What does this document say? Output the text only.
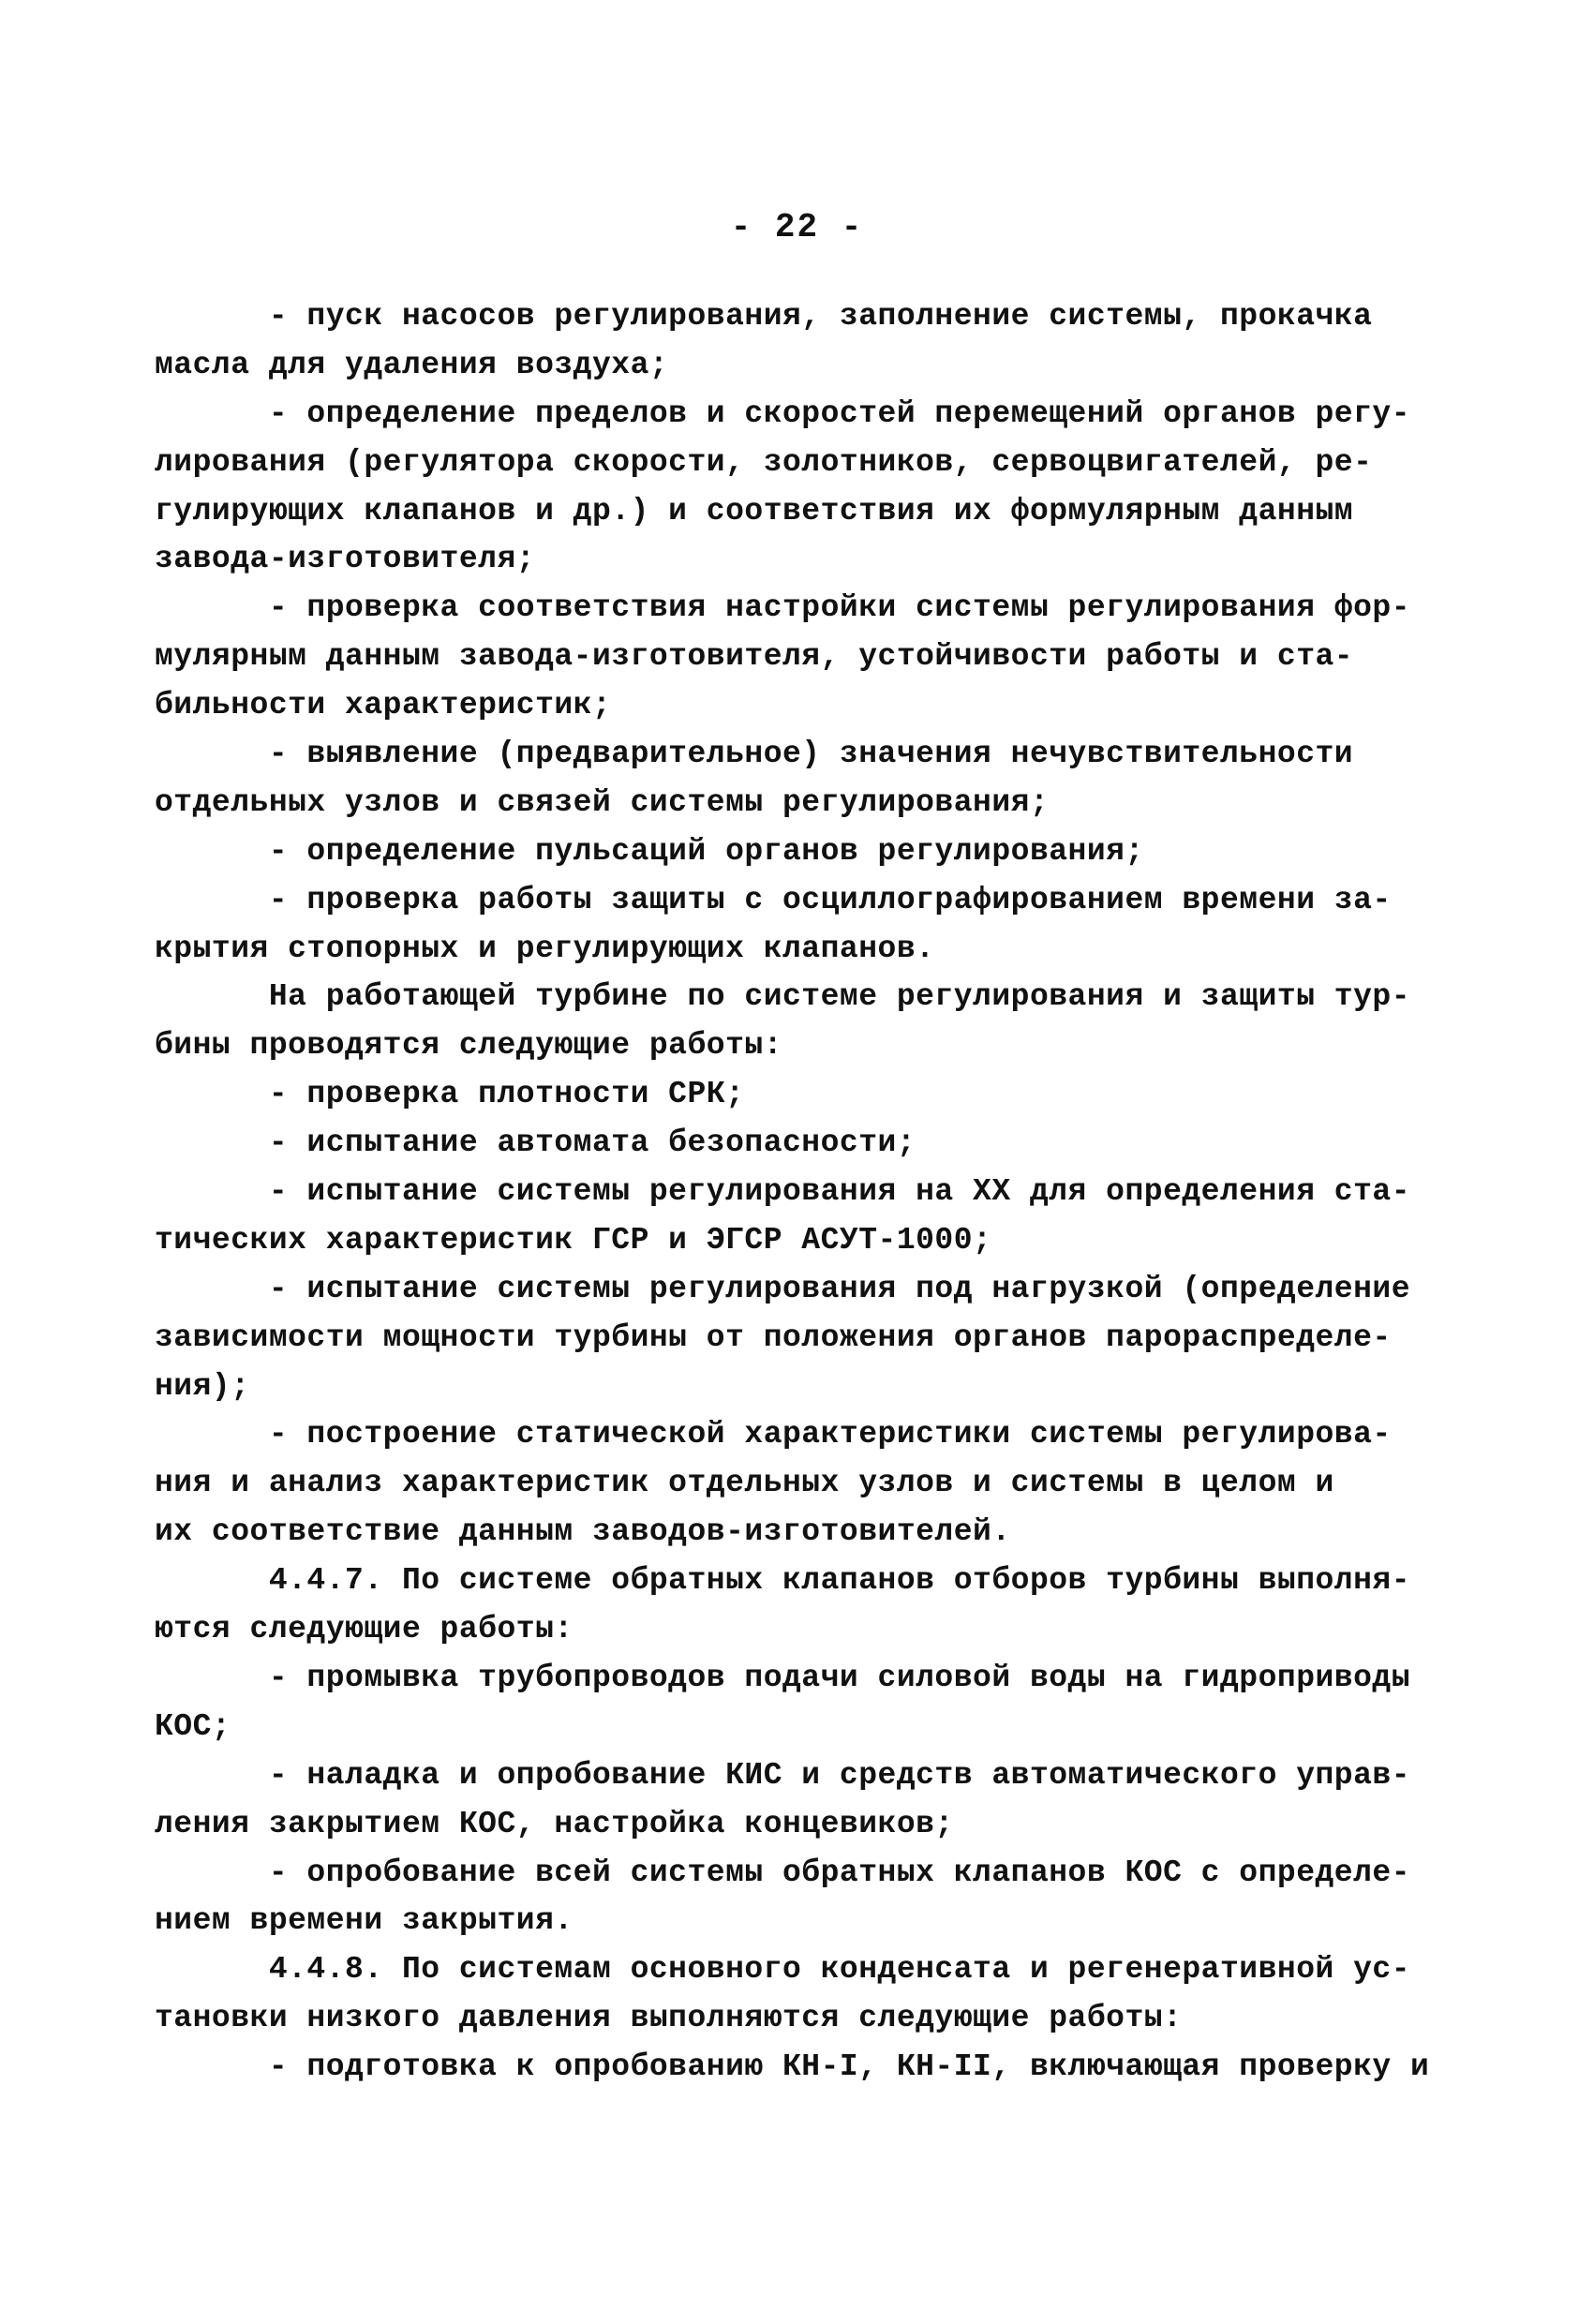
- 22 -
- пуск насосов регулирования, заполнение системы, прокачка
масла для удаления воздуха;
- определение пределов и скоростей перемещений органов регу-
лирования (регулятора скорости, золотников, сервоцвигателей, ре-
гулирующих клапанов и др.) и соответствия их формулярным данным
завода-изготовителя;
- проверка соответствия настройки системы регулирования фор-
мулярным данным завода-изготовителя, устойчивости работы и ста-
бильности характеристик;
- выявление (предварительное) значения нечувствительности
отдельных узлов и связей системы регулирования;
- определение пульсаций органов регулирования;
- проверка работы защиты с осциллографированием времени за-
крытия стопорных и регулирующих клапанов.
На работающей турбине по системе регулирования и защиты тур-
бины проводятся следующие работы:
- проверка плотности СРК;
- испытание автомата безопасности;
- испытание системы регулирования на ХХ для определения ста-
тических характеристик ГСР и ЭГСР АСУТ-1000;
- испытание системы регулирования под нагрузкой (определение
зависимости мощности турбины от положения органов парораспределе-
ния);
- построение статической характеристики системы регулирова-
ния и анализ характеристик отдельных узлов и системы в целом и
их соответствие данным заводов-изготовителей.
4.4.7. По системе обратных клапанов отборов турбины выполня-
ются следующие работы:
- промывка трубопроводов подачи силовой воды на гидроприводы
КОС;
- наладка и опробование КИС и средств автоматического управ-
ления закрытием КОС, настройка концевиков;
- опробование всей системы обратных клапанов КОС с определе-
нием времени закрытия.
4.4.8. По системам основного конденсата и регенеративной ус-
тановки низкого давления выполняются следующие работы:
- подготовка к опробованию КН-I, КН-II, включающая проверку и
